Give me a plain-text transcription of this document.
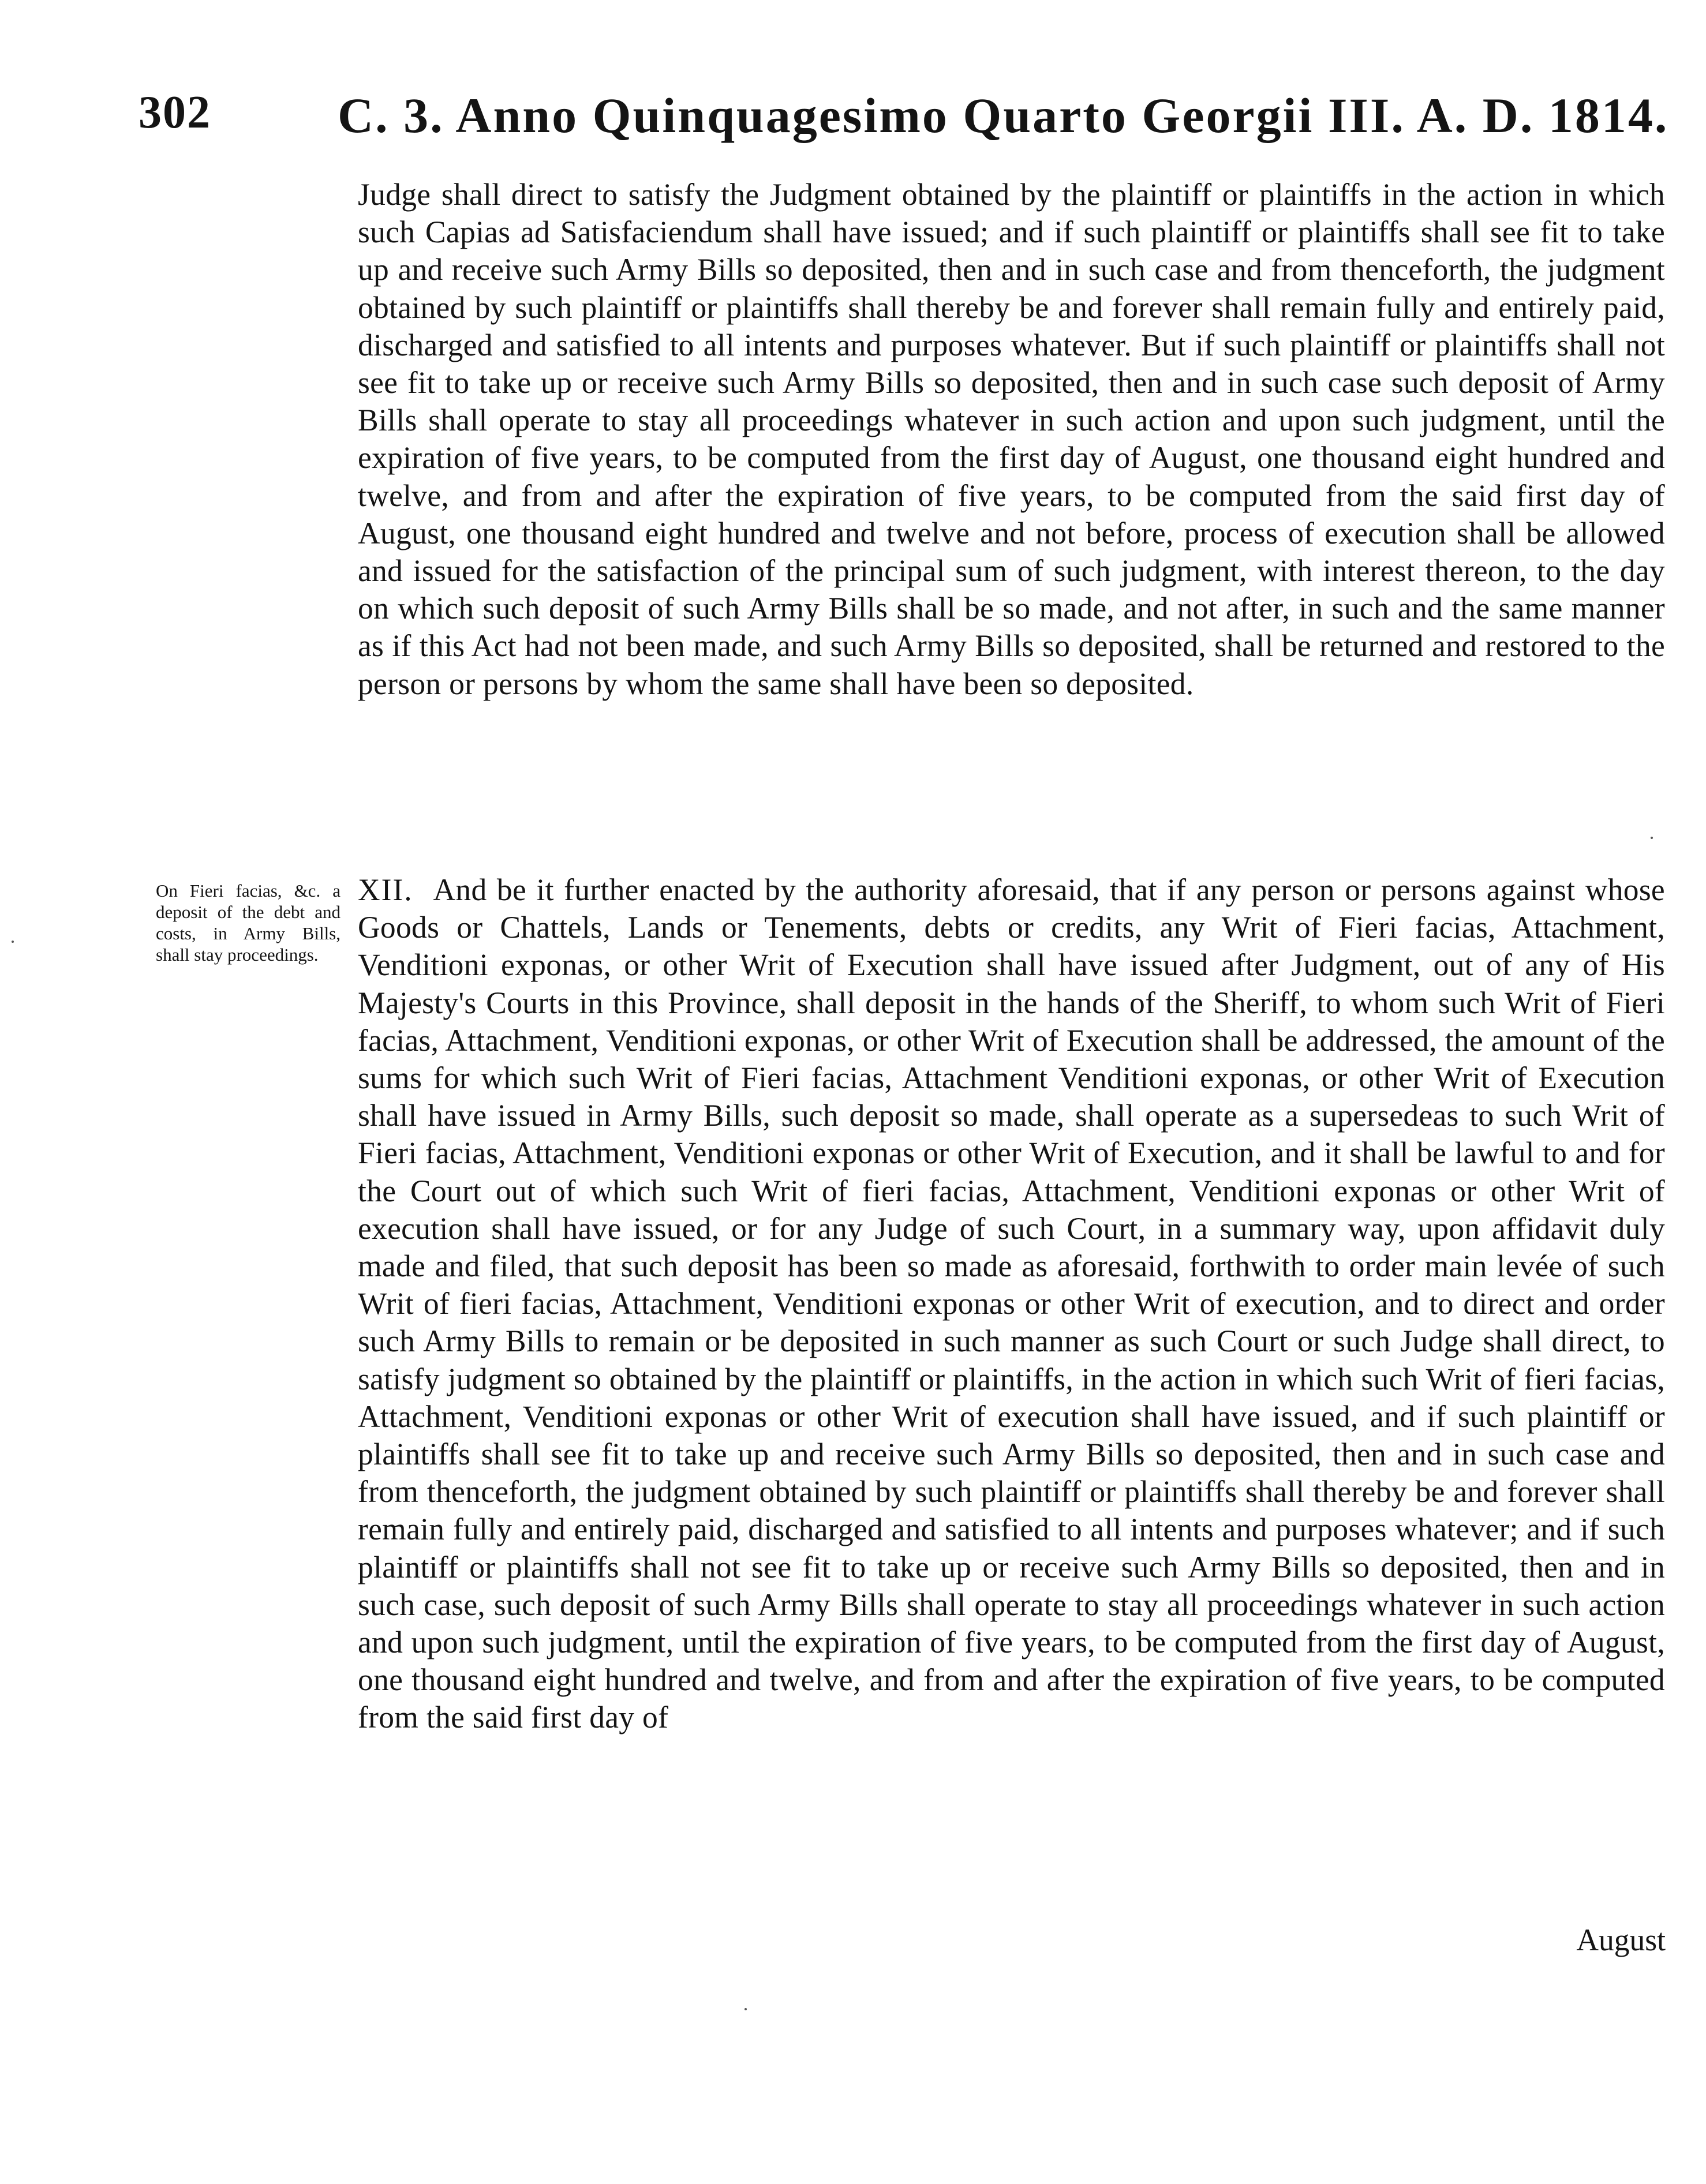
302	C. 3. Anno Quinquagesimo Quarto Georgii III. A. D. 1814.

Judge shall direct to satisfy the Judgment obtained by the plaintiff or plaintiffs in the action in which such Capias ad Satisfaciendum shall have issued; and if such plaintiff or plaintiffs shall see fit to take up and receive such Army Bills so deposited, then and in such case and from thenceforth, the judgment obtained by such plaintiff or plaintiffs shall thereby be and forever shall remain fully and entirely paid, discharged and satisfied to all intents and purposes whatever. But if such plaintiff or plaintiffs shall not see fit to take up or receive such Army Bills so deposited, then and in such case such deposit of Army Bills shall operate to stay all proceedings whatever in such action and upon such judgment, until the expiration of five years, to be computed from the first day of August, one thousand eight hundred and twelve, and from and after the expiration of five years, to be computed from the said first day of August, one thousand eight hundred and twelve and not before, process of execution shall be allowed and issued for the satisfaction of the principal sum of such judgment, with interest thereon, to the day on which such deposit of such Army Bills shall be so made, and not after, in such and the same manner as if this Act had not been made, and such Army Bills so deposited, shall be returned and restored to the person or persons by whom the same shall have been so deposited.

On Fieri facias, &c. a deposit of the debt and costs, in Army Bills, shall stay proceedings.

XII. And be it further enacted by the authority aforesaid, that if any person or persons against whose Goods or Chattels, Lands or Tenements, debts or credits, any Writ of Fieri facias, Attachment, Venditioni exponas, or other Writ of Execution shall have issued after Judgment, out of any of His Majesty's Courts in this Province, shall deposit in the hands of the Sheriff, to whom such Writ of Fieri facias, Attachment, Venditioni exponas, or other Writ of Execution shall be addressed, the amount of the sums for which such Writ of Fieri facias, Attachment Venditioni exponas, or other Writ of Execution shall have issued in Army Bills, such deposit so made, shall operate as a supersedeas to such Writ of Fieri facias, Attachment, Venditioni exponas or other Writ of Execution, and it shall be lawful to and for the Court out of which such Writ of fieri facias, Attachment, Venditioni exponas or other Writ of execution shall have issued, or for any Judge of such Court, in a summary way, upon affidavit duly made and filed, that such deposit has been so made as aforesaid, forthwith to order main levée of such Writ of fieri facias, Attachment, Venditioni exponas or other Writ of execution, and to direct and order such Army Bills to remain or be deposited in such manner as such Court or such Judge shall direct, to satisfy judgment so obtained by the plaintiff or plaintiffs, in the action in which such Writ of fieri facias, Attachment, Venditioni exponas or other Writ of execution shall have issued, and if such plaintiff or plaintiffs shall see fit to take up and receive such Army Bills so deposited, then and in such case and from thenceforth, the judgment obtained by such plaintiff or plaintiffs shall thereby be and forever shall remain fully and entirely paid, discharged and satisfied to all intents and purposes whatever; and if such plaintiff or plaintiffs shall not see fit to take up or receive such Army Bills so deposited, then and in such case, such deposit of such Army Bills shall operate to stay all proceedings whatever in such action and upon such judgment, until the expiration of five years, to be computed from the first day of August, one thousand eight hundred and twelve, and from and after the expiration of five years, to be computed from the said first day of

August
